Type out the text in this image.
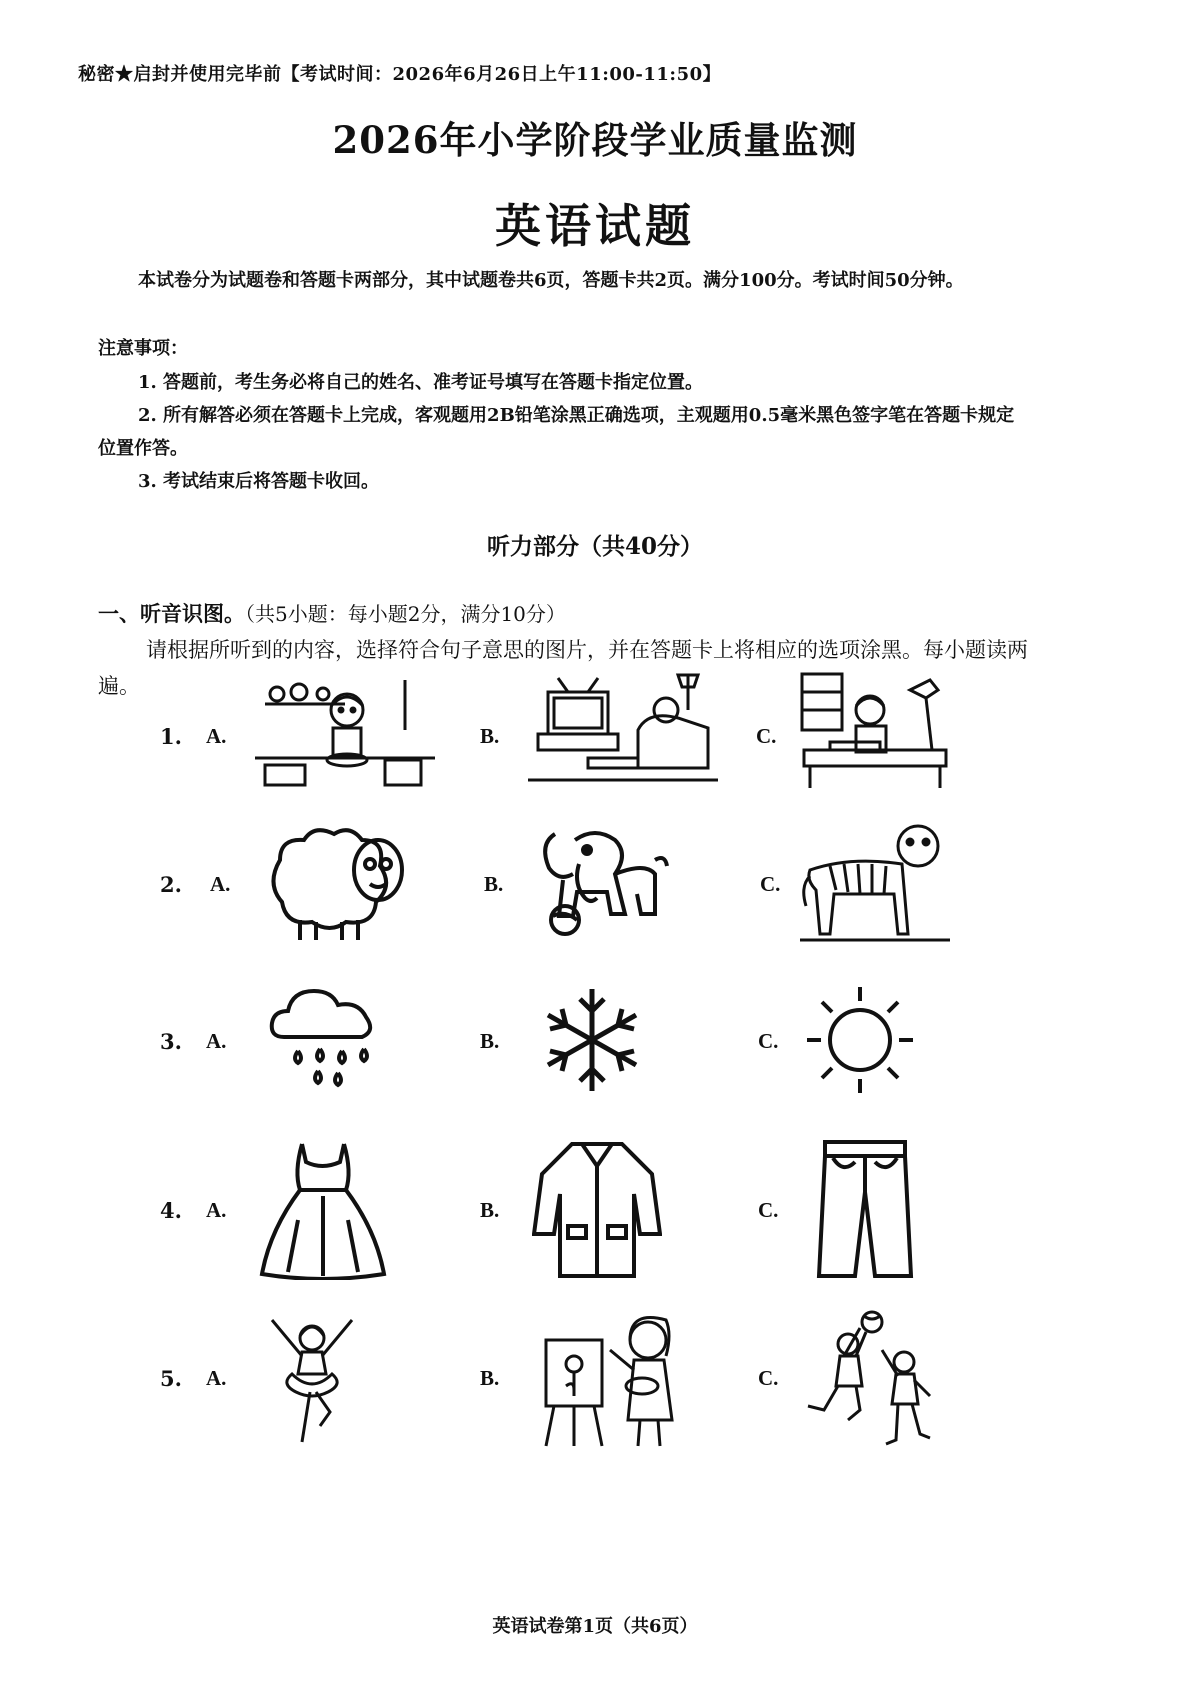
秘密★启封并使用完毕前【考试时间：2026年6月26日上午11:00-11:50】
2026年小学阶段学业质量监测
英语试题
本试卷分为试题卷和答题卡两部分，其中试题卷共6页，答题卡共2页。满分100分。考试时间50分钟。
注意事项：
1. 答题前，考生务必将自己的姓名、准考证号填写在答题卡指定位置。
2. 所有解答必须在答题卡上完成，客观题用2B铅笔涂黑正确选项，主观题用0.5毫米黑色签字笔在答题卡规定位置作答。
3. 考试结束后将答题卡收回。
听力部分（共40分）
一、听音识图。（共5小题：每小题2分，满分10分）
请根据所听到的内容，选择符合句子意思的图片，并在答题卡上将相应的选项涂黑。每小题读两遍。
1. A.	B.	C.
2. A.	B.	C.
3. A.	B.	C.
4. A.	B.	C.
5. A.	B.	C.
英语试卷第1页（共6页）
